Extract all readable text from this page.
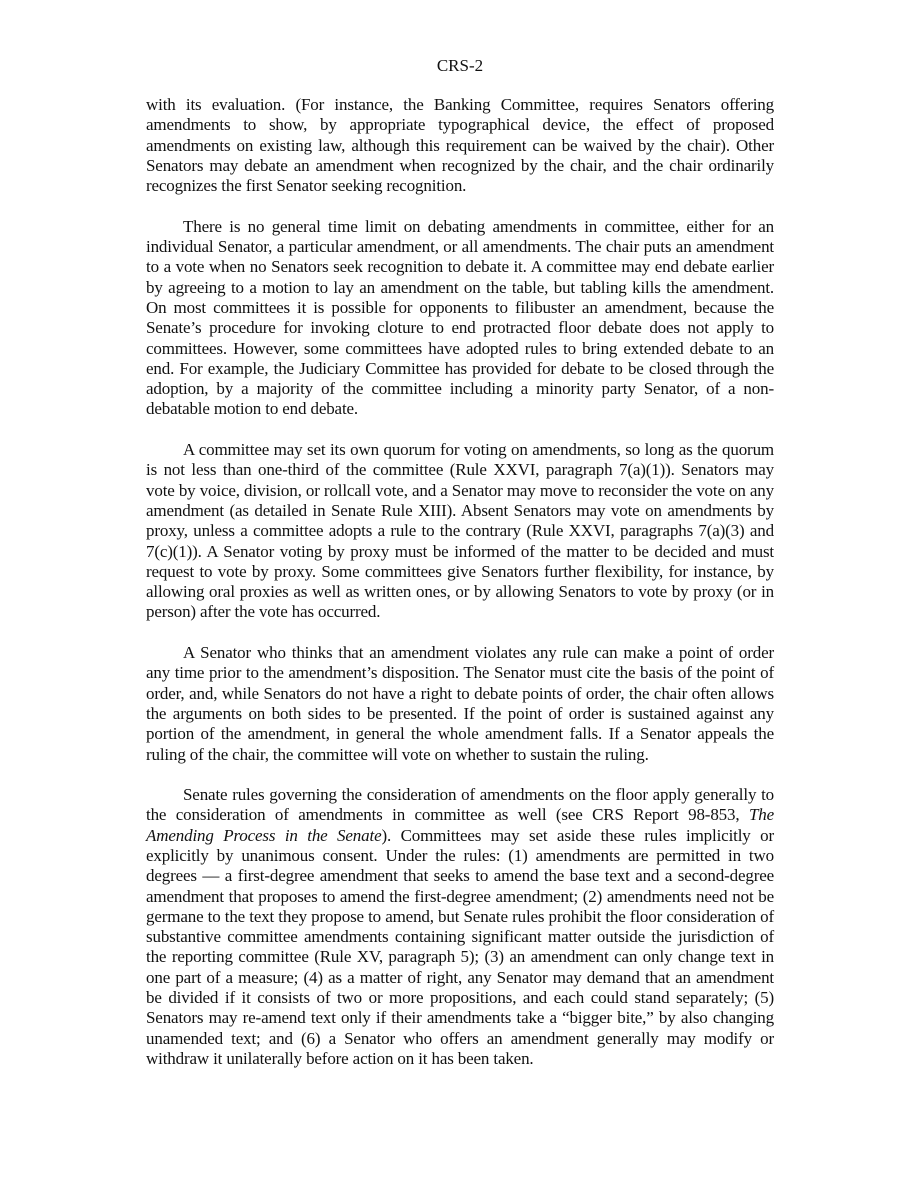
CRS-2

with its evaluation. (For instance, the Banking Committee, requires Senators offering amendments to show, by appropriate typographical device, the effect of proposed amendments on existing law, although this requirement can be waived by the chair). Other Senators may debate an amendment when recognized by the chair, and the chair ordinarily recognizes the first Senator seeking recognition.

There is no general time limit on debating amendments in committee, either for an individual Senator, a particular amendment, or all amendments. The chair puts an amendment to a vote when no Senators seek recognition to debate it. A committee may end debate earlier by agreeing to a motion to lay an amendment on the table, but tabling kills the amendment. On most committees it is possible for opponents to filibuster an amendment, because the Senate’s procedure for invoking cloture to end protracted floor debate does not apply to committees. However, some committees have adopted rules to bring extended debate to an end. For example, the Judiciary Committee has provided for debate to be closed through the adoption, by a majority of the committee including a minority party Senator, of a non-debatable motion to end debate.

A committee may set its own quorum for voting on amendments, so long as the quorum is not less than one-third of the committee (Rule XXVI, paragraph 7(a)(1)). Senators may vote by voice, division, or rollcall vote, and a Senator may move to reconsider the vote on any amendment (as detailed in Senate Rule XIII). Absent Senators may vote on amendments by proxy, unless a committee adopts a rule to the contrary (Rule XXVI, paragraphs 7(a)(3) and 7(c)(1)). A Senator voting by proxy must be informed of the matter to be decided and must request to vote by proxy. Some committees give Senators further flexibility, for instance, by allowing oral proxies as well as written ones, or by allowing Senators to vote by proxy (or in person) after the vote has occurred.

A Senator who thinks that an amendment violates any rule can make a point of order any time prior to the amendment’s disposition. The Senator must cite the basis of the point of order, and, while Senators do not have a right to debate points of order, the chair often allows the arguments on both sides to be presented. If the point of order is sustained against any portion of the amendment, in general the whole amendment falls. If a Senator appeals the ruling of the chair, the committee will vote on whether to sustain the ruling.

Senate rules governing the consideration of amendments on the floor apply generally to the consideration of amendments in committee as well (see CRS Report 98-853, The Amending Process in the Senate). Committees may set aside these rules implicitly or explicitly by unanimous consent. Under the rules: (1) amendments are permitted in two degrees — a first-degree amendment that seeks to amend the base text and a second-degree amendment that proposes to amend the first-degree amendment; (2) amendments need not be germane to the text they propose to amend, but Senate rules prohibit the floor consideration of substantive committee amendments containing significant matter outside the jurisdiction of the reporting committee (Rule XV, paragraph 5); (3) an amendment can only change text in one part of a measure; (4) as a matter of right, any Senator may demand that an amendment be divided if it consists of two or more propositions, and each could stand separately; (5) Senators may re-amend text only if their amendments take a “bigger bite,” by also changing unamended text; and (6) a Senator who offers an amendment generally may modify or withdraw it unilaterally before action on it has been taken.
